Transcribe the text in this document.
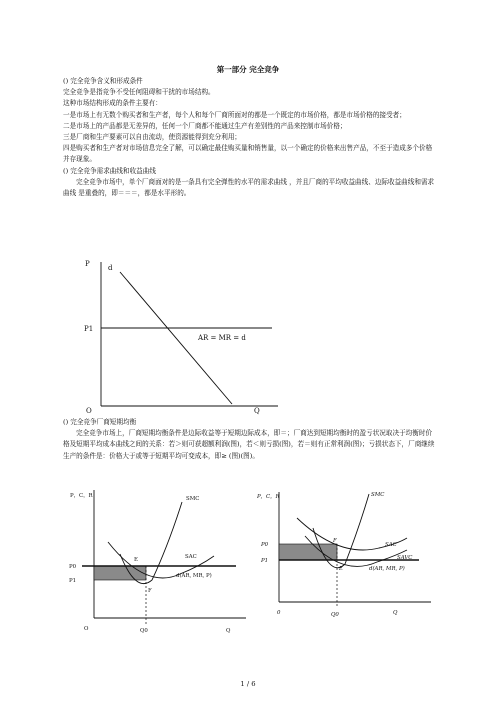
第一部分 完全竞争

() 完全竞争含义和形成条件

完全竞争是指竞争不受任何阻碍和干扰的市场结构。

这种市场结构形成的条件主要有：

一是市场上有无数个购买者和生产者，每个人和每个厂商所面对的都是一个既定的市场价格，都是市场价格的接受者；

二是市场上的产品都是无差异的，任何一个厂商都不能通过生产有差别性的产品来控制市场价格；

三是厂商和生产要素可以自由流动，使资源能得到充分利用；

四是购买者和生产者对市场信息完全了解，可以确定最佳购买量和销售量，以一个确定的价格来出售产品，不至于造成多个价格并存现象。

() 完全竞争需求曲线和收益曲线

完全竞争市场中，单个厂商面对的是一条具有完全弹性的水平的需求曲线 ，并且厂商的平均收益曲线、边际收益曲线和需求曲线 是重叠的，即＝＝＝，都是水平形的。

P
O	Q
d
P1
AR = MR = d

() 完全竞争厂商短期均衡

完全竞争市场上，厂商短期均衡条件是边际收益等于短期边际成本，即＝；厂商达到短期均衡时的盈亏状况取决于均衡时价格及短期平均成本曲线之间的关系：若＞则可获超额利润(图)，若＜则亏损(图)，若＝则有正常利润(图)；亏损状态下，厂商继续生产的条件是：价格大于或等于短期平均可变成本，即≥ (图)(图)。

P，C，R	SMC
SAC
E
F
P0
P1
d(AR, MR, P)
O	Q0	Q
P，C，R	SMC
SAC
SAVC
F
E
P0
P1
d(AR, MR, P)
0	Q0	Q
1 / 6
